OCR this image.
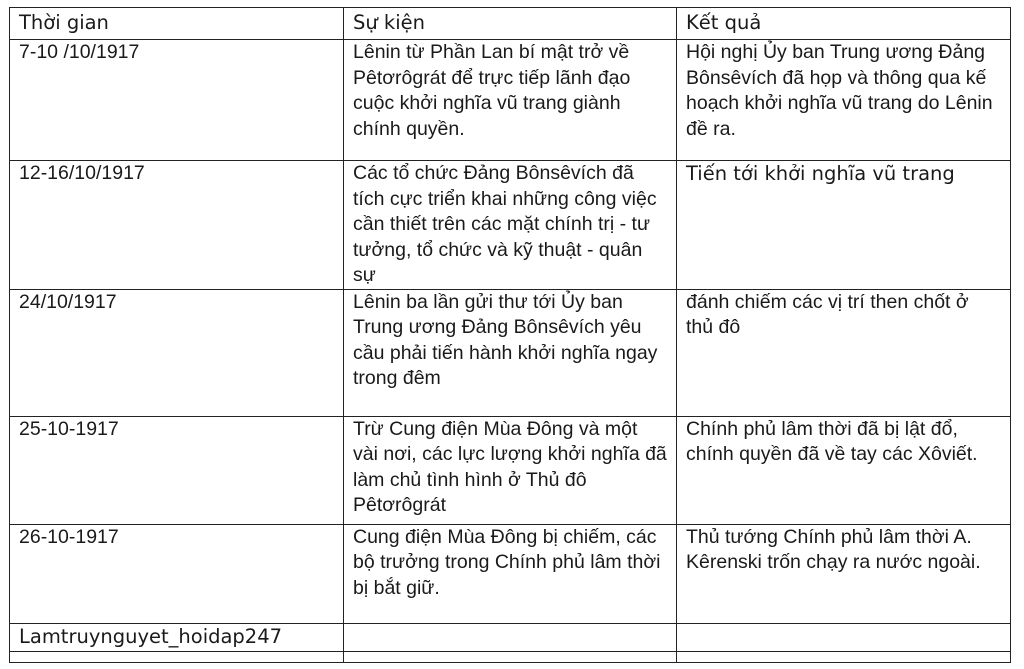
Thời gian	Sự kiện	Kết quả
7-10 /10/1917	Lênin từ Phần Lan bí mật trở về Pêtơrôgrát để trực tiếp lãnh đạo cuộc khởi nghĩa vũ trang giành chính quyền.	Hội nghị Ủy ban Trung ương Đảng Bônsêvích đã họp và thông qua kế hoạch khởi nghĩa vũ trang do Lênin đề ra.
12-16/10/1917	Các tổ chức Đảng Bônsêvích đã tích cực triển khai những công việc cần thiết trên các mặt chính trị - tư tưởng, tổ chức và kỹ thuật - quân sự	Tiến tới khởi nghĩa vũ trang
24/10/1917	Lênin ba lần gửi thư tới Ủy ban Trung ương Đảng Bônsêvích yêu cầu phải tiến hành khởi nghĩa ngay trong đêm	đánh chiếm các vị trí then chốt ở thủ đô
25-10-1917	Trừ Cung điện Mùa Đông và một vài nơi, các lực lượng khởi nghĩa đã làm chủ tình hình ở Thủ đô Pêtơrôgrát	Chính phủ lâm thời đã bị lật đổ, chính quyền đã về tay các Xôviết.
26-10-1917	Cung điện Mùa Đông bị chiếm, các bộ trưởng trong Chính phủ lâm thời bị bắt giữ.	Thủ tướng Chính phủ lâm thời A. Kêrenski trốn chạy ra nước ngoài.
Lamtruynguyet_hoidap247		
